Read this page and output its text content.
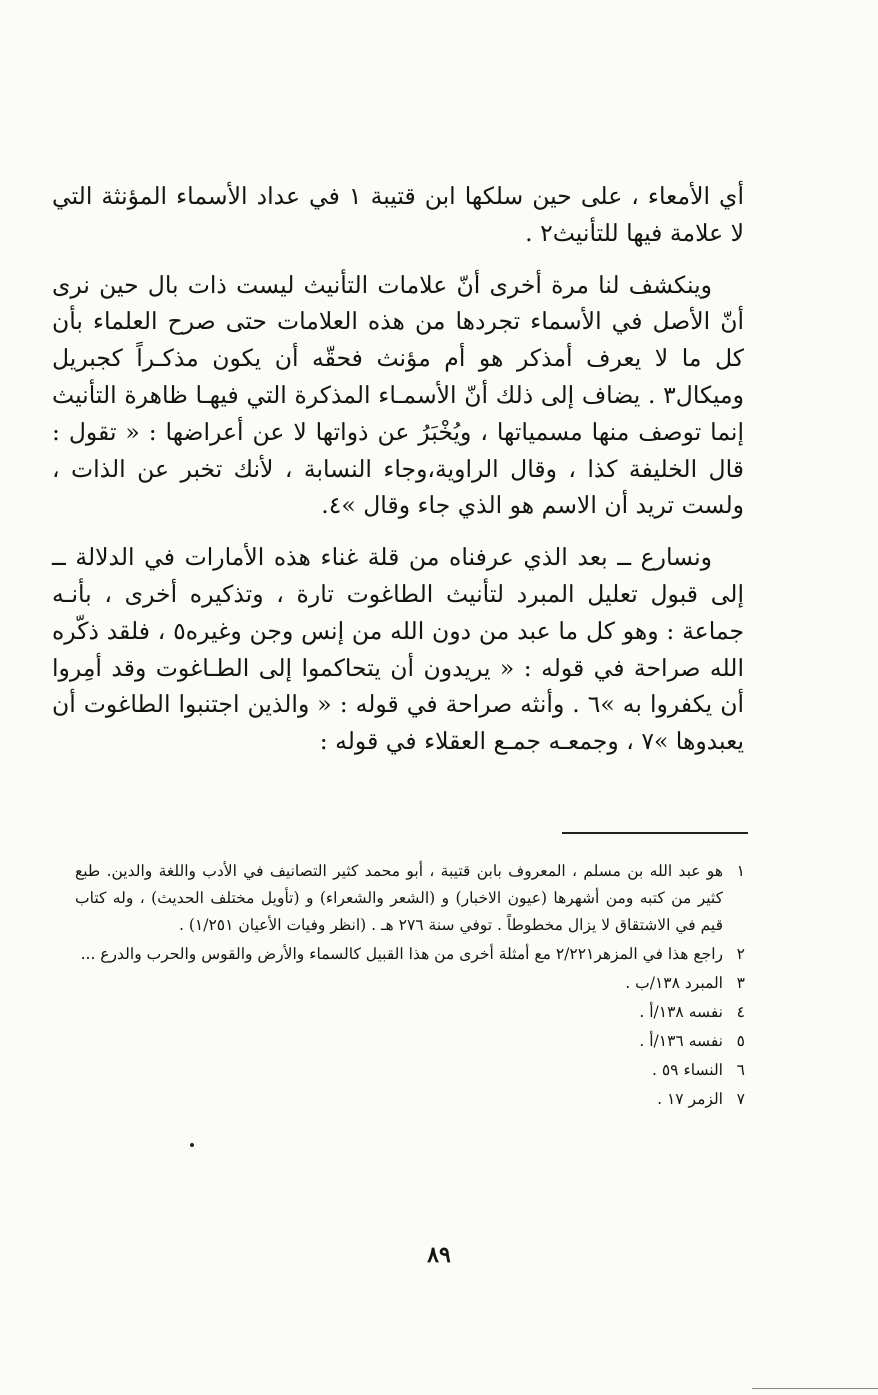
أي الأمعاء ، على حين سلكها ابن قتيبة ١ في عداد الأسماء المؤنثة التي لا علامة فيها للتأنيث٢ .

وينكشف لنا مرة أخرى أنّ علامات التأنيث ليست ذات بال حين نرى أنّ الأصل في الأسماء تجردها من هذه العلامات حتى صرح العلماء بأن كل ما لا يعرف أمذكر هو أم مؤنث فحقّه أن يكون مذكـراً كجبريل وميكال٣ . يضاف إلى ذلك أنّ الأسمـاء المذكرة التي فيهـا ظاهرة التأنيث إنما توصف منها مسمياتها ، ويُخْبَرُ عن ذواتها لا عن أعراضها : « تقول : قال الخليفة كذا ، وقال الراوية،وجاء النسابة ، لأنك تخبر عن الذات ، ولست تريد أن الاسم هو الذي جاء وقال »٤.

ونسارع ــ بعد الذي عرفناه من قلة غناء هذه الأمارات في الدلالة ــ إلى قبول تعليل المبرد لتأنيث الطاغوت تارة ، وتذكيره أخرى ، بأنـه جماعة : وهو كل ما عبد من دون الله من إنس وجن وغيره٥ ، فلقد ذكّره الله صراحة في قوله : « يريدون أن يتحاكموا إلى الطـاغوت وقد أمِروا أن يكفروا به »٦ . وأنثه صراحة في قوله : « والذين اجتنبوا الطاغوت أن يعبدوها »٧ ، وجمعـه جمـع العقلاء في قوله :

١
هو عبد الله بن مسلم ، المعروف بابن قتيبة ، أبو محمد كثير التصانيف في الأدب واللغة والدين. طبع كثير من كتبه ومن أشهرها (عيون الاخبار) و (الشعر والشعراء) و (تأويل مختلف الحديث) ، وله كتاب قيم في الاشتقاق لا يزال مخطوطاً . توفي سنة ٢٧٦ هـ . (انظر وفيات الأعيان ١/٢٥١) .
٢
راجع هذا في المزهر٢/٢٢١ مع أمثلة أخرى من هذا القبيل كالسماء والأرض والقوس والحرب والدرع ...
٣
المبرد ١٣٨/ب .
٤
نفسه ١٣٨/أ .
٥
نفسه ١٣٦/أ .
٦
النساء ٥٩ .
٧
الزمر ١٧ .
٨٩
